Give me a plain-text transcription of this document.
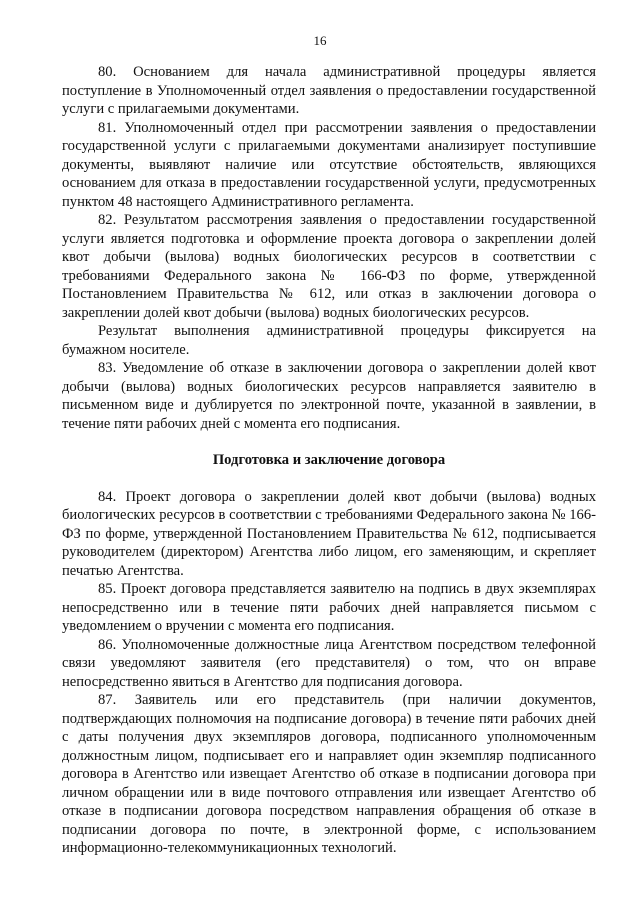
16

80. Основанием для начала административной процедуры является поступление в Уполномоченный отдел заявления о предоставлении государственной услуги с прилагаемыми документами.

81. Уполномоченный отдел при рассмотрении заявления о предоставлении государственной услуги с прилагаемыми документами анализирует поступившие документы, выявляют наличие или отсутствие обстоятельств, являющихся основанием для отказа в предоставлении государственной услуги, предусмотренных пунктом 48 настоящего Административного регламента.

82. Результатом рассмотрения заявления о предоставлении государственной услуги является подготовка и оформление проекта договора о закреплении долей квот добычи (вылова) водных биологических ресурсов в соответствии с требованиями Федерального закона № 166-ФЗ по форме, утвержденной Постановлением Правительства № 612, или отказ в заключении договора о закреплении долей квот добычи (вылова) водных биологических ресурсов.

Результат выполнения административной процедуры фиксируется на бумажном носителе.

83. Уведомление об отказе в заключении договора о закреплении долей квот добычи (вылова) водных биологических ресурсов направляется заявителю в письменном виде и дублируется по электронной почте, указанной в заявлении, в течение пяти рабочих дней с момента его подписания.

Подготовка и заключение договора

84. Проект договора о закреплении долей квот добычи (вылова) водных биологических ресурсов в соответствии с требованиями Федерального закона № 166-ФЗ по форме, утвержденной Постановлением Правительства № 612, подписывается руководителем (директором) Агентства либо лицом, его заменяющим, и скрепляет печатью Агентства.

85. Проект договора представляется заявителю на подпись в двух экземплярах непосредственно или в течение пяти рабочих дней направляется письмом с уведомлением о вручении с момента его подписания.

86. Уполномоченные должностные лица Агентством посредством телефонной связи уведомляют заявителя (его представителя) о том, что он вправе непосредственно явиться в Агентство для подписания договора.

87. Заявитель или его представитель (при наличии документов, подтверждающих полномочия на подписание договора) в течение пяти рабочих дней с даты получения двух экземпляров договора, подписанного уполномоченным должностным лицом, подписывает его и направляет один экземпляр подписанного договора в Агентство или извещает Агентство об отказе в подписании договора при личном обращении или в виде почтового отправления или извещает Агентство об отказе в подписании договора посредством направления обращения об отказе в подписании договора по почте, в электронной форме, с использованием информационно-телекоммуникационных технологий.
